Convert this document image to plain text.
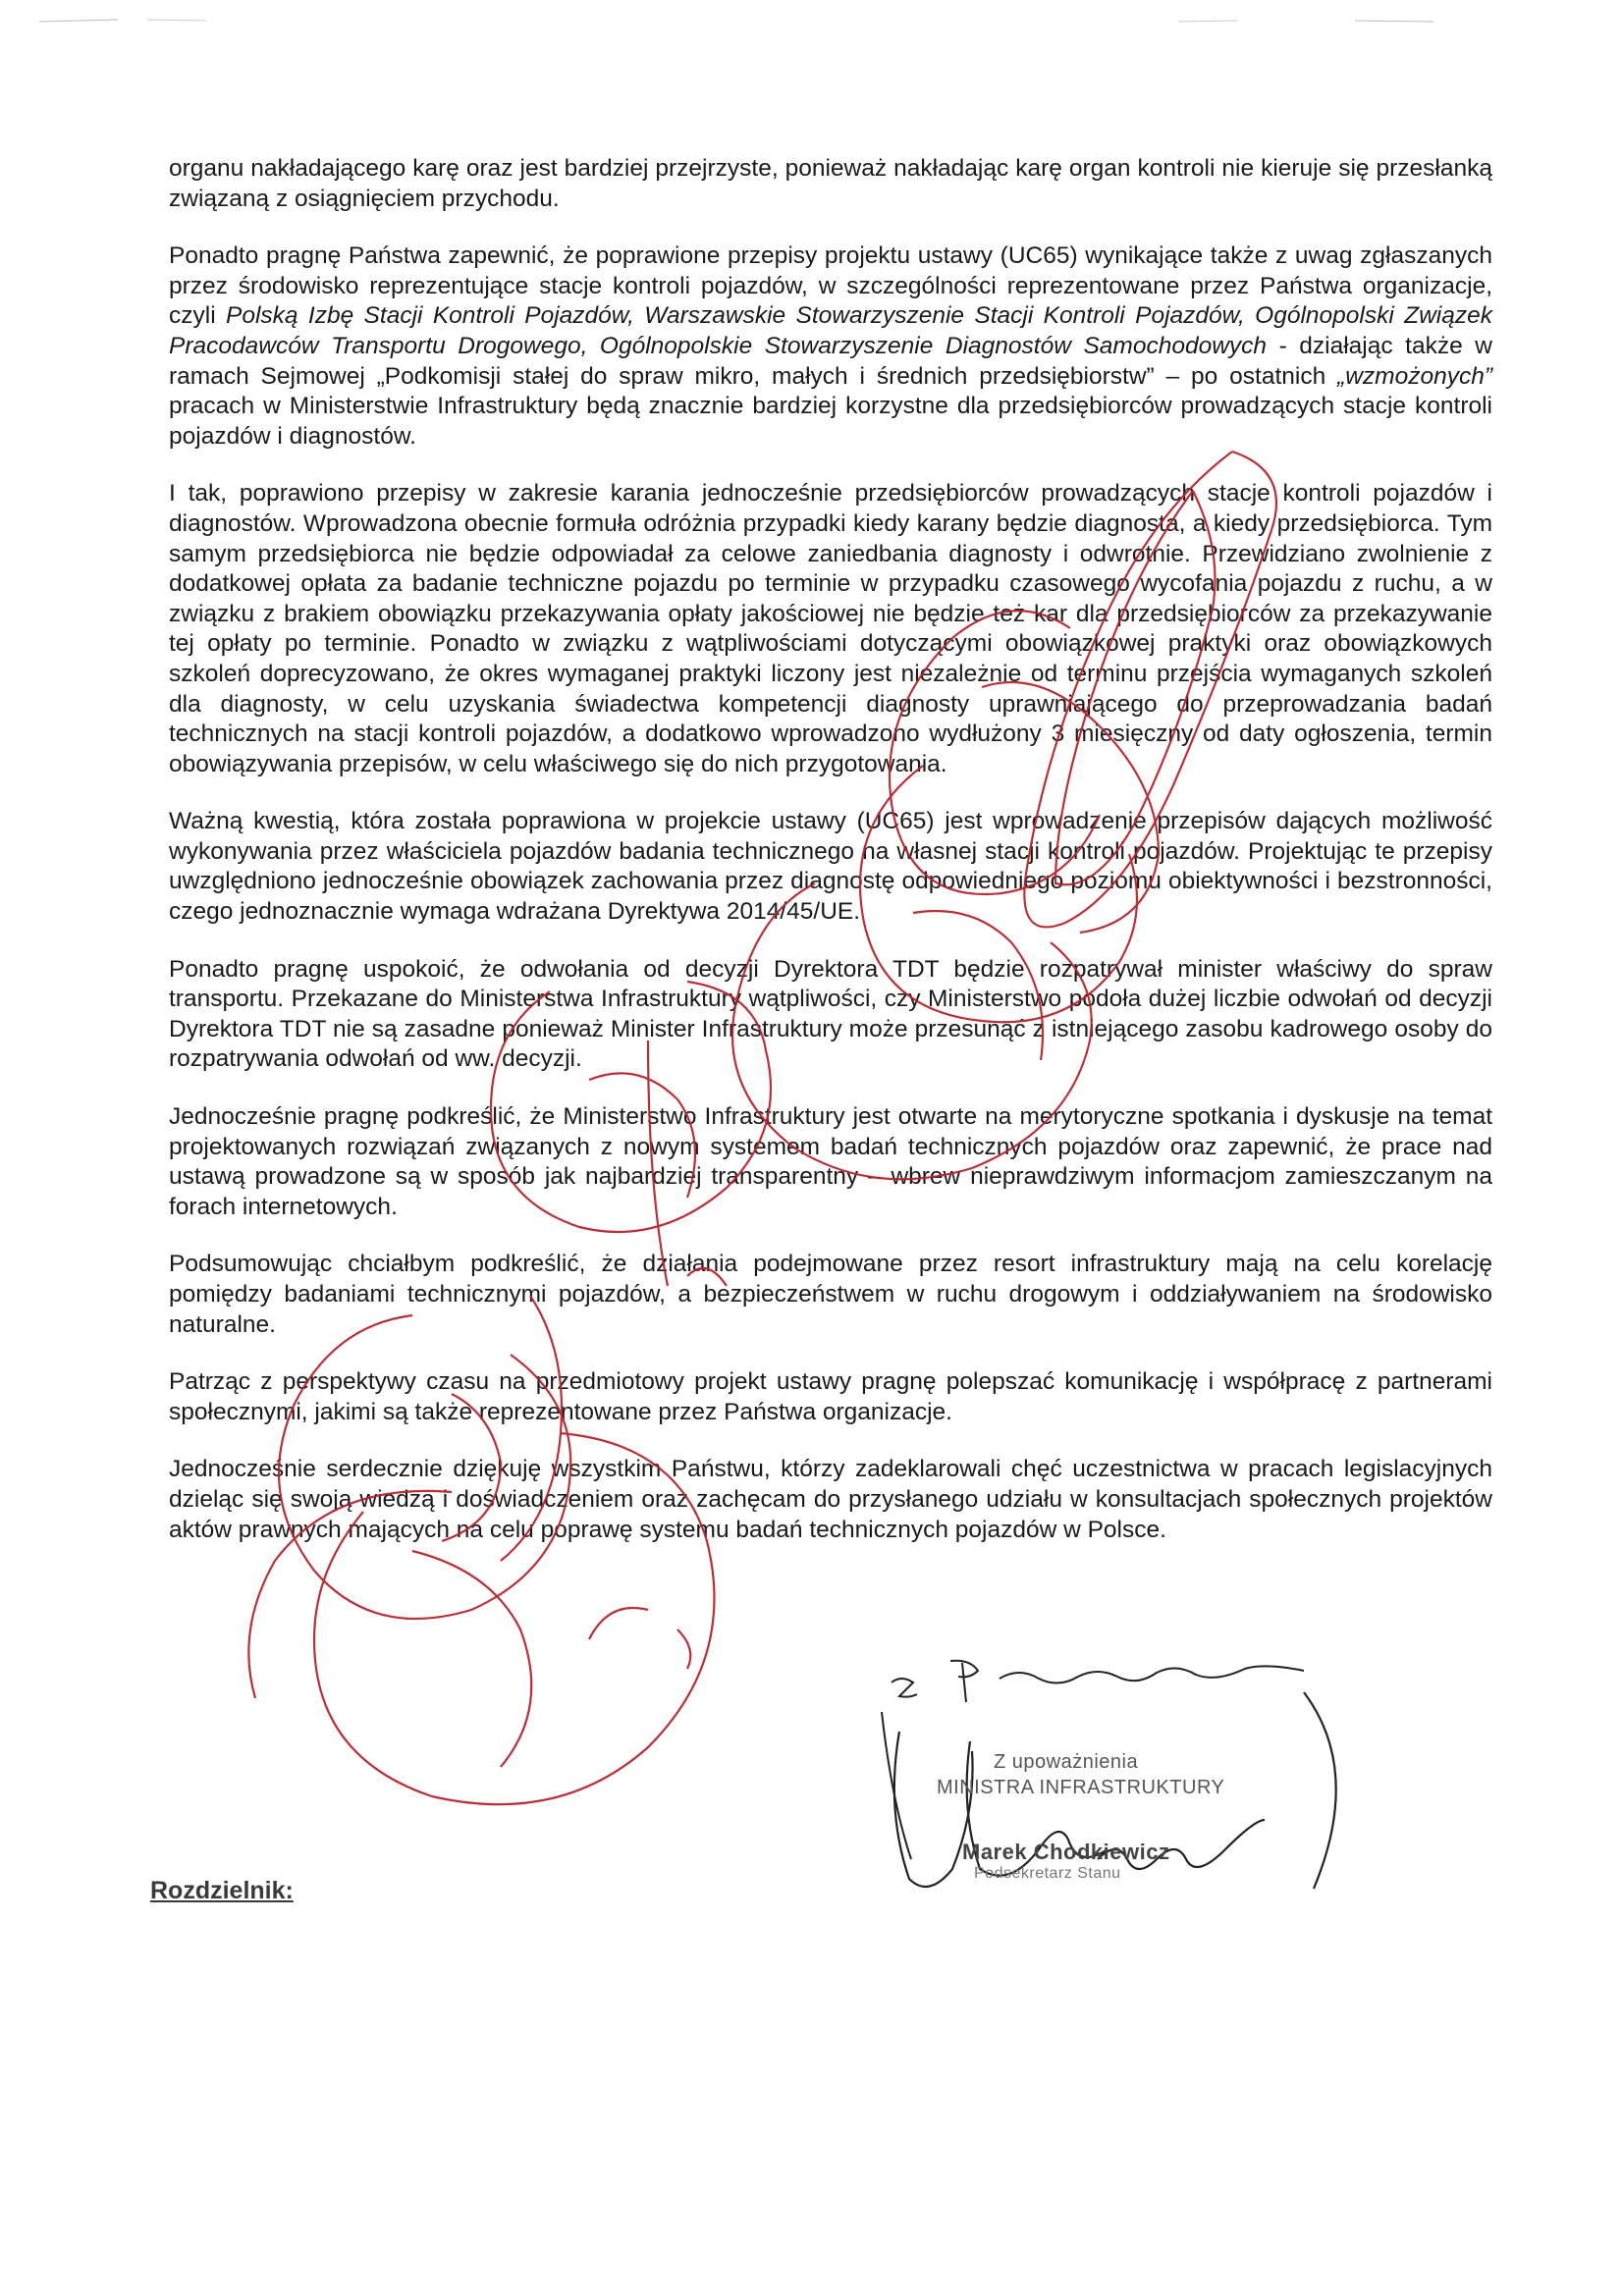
organu nakładającego karę oraz jest bardziej przejrzyste, ponieważ nakładając karę organ kontroli nie kieruje się przesłanką związaną z osiągnięciem przychodu.

Ponadto pragnę Państwa zapewnić, że poprawione przepisy projektu ustawy (UC65) wynikające także z uwag zgłaszanych przez środowisko reprezentujące stacje kontroli pojazdów, w szczególności reprezentowane przez Państwa organizacje, czyli Polską Izbę Stacji Kontroli Pojazdów, Warszawskie Stowarzyszenie Stacji Kontroli Pojazdów, Ogólnopolski Związek Pracodawców Transportu Drogowego, Ogólnopolskie Stowarzyszenie Diagnostów Samochodowych - działając także w ramach Sejmowej „Podkomisji stałej do spraw mikro, małych i średnich przedsiębiorstw” – po ostatnich „wzmożonych” pracach w Ministerstwie Infrastruktury będą znacznie bardziej korzystne dla przedsiębiorców prowadzących stacje kontroli pojazdów i diagnostów.

I tak, poprawiono przepisy w zakresie karania jednocześnie przedsiębiorców prowadzących stacje kontroli pojazdów i diagnostów. Wprowadzona obecnie formuła odróżnia przypadki kiedy karany będzie diagnosta, a kiedy przedsiębiorca. Tym samym przedsiębiorca nie będzie odpowiadał za celowe zaniedbania diagnosty i odwrotnie. Przewidziano zwolnienie z dodatkowej opłata za badanie techniczne pojazdu po terminie w przypadku czasowego wycofania pojazdu z ruchu, a w związku z brakiem obowiązku przekazywania opłaty jakościowej nie będzie też kar dla przedsiębiorców za przekazywanie tej opłaty po terminie. Ponadto w związku z wątpliwościami dotyczącymi obowiązkowej praktyki oraz obowiązkowych szkoleń doprecyzowano, że okres wymaganej praktyki liczony jest niezależnie od terminu przejścia wymaganych szkoleń dla diagnosty, w celu uzyskania świadectwa kompetencji diagnosty uprawniającego do przeprowadzania badań technicznych na stacji kontroli pojazdów, a dodatkowo wprowadzono wydłużony 3 miesięczny od daty ogłoszenia, termin obowiązywania przepisów, w celu właściwego się do nich przygotowania.

Ważną kwestią, która została poprawiona w projekcie ustawy (UC65) jest wprowadzenie przepisów dających możliwość wykonywania przez właściciela pojazdów badania technicznego na własnej stacji kontroli pojazdów. Projektując te przepisy uwzględniono jednocześnie obowiązek zachowania przez diagnostę odpowiedniego poziomu obiektywności i bezstronności, czego jednoznacznie wymaga wdrażana Dyrektywa 2014/45/UE.

Ponadto pragnę uspokoić, że odwołania od decyzji Dyrektora TDT będzie rozpatrywał minister właściwy do spraw transportu. Przekazane do Ministerstwa Infrastruktury wątpliwości, czy Ministerstwo podoła dużej liczbie odwołań od decyzji Dyrektora TDT nie są zasadne ponieważ Minister Infrastruktury może przesunąć z istniejącego zasobu kadrowego osoby do rozpatrywania odwołań od ww. decyzji.

Jednocześnie pragnę podkreślić, że Ministerstwo Infrastruktury jest otwarte na merytoryczne spotkania i dyskusje na temat projektowanych rozwiązań związanych z nowym systemem badań technicznych pojazdów oraz zapewnić, że prace nad ustawą prowadzone są w sposób jak najbardziej transparentny – wbrew nieprawdziwym informacjom zamieszczanym na forach internetowych.

Podsumowując chciałbym podkreślić, że działania podejmowane przez resort infrastruktury mają na celu korelację pomiędzy badaniami technicznymi pojazdów, a bezpieczeństwem w ruchu drogowym i oddziaływaniem na środowisko naturalne.

Patrząc z perspektywy czasu na przedmiotowy projekt ustawy pragnę polepszać komunikację i współpracę z partnerami społecznymi, jakimi są także reprezentowane przez Państwa organizacje.

Jednocześnie serdecznie dziękuję wszystkim Państwu, którzy zadeklarowali chęć uczestnictwa w pracach legislacyjnych dzieląc się swoją wiedzą i doświadczeniem oraz zachęcam do przysłanego udziału w konsultacjach społecznych projektów aktów prawnych mających na celu poprawę systemu badań technicznych pojazdów w Polsce.

Z upoważnienia
MINISTRA INFRASTRUKTURY
Marek Chodkiewicz
Podsekretarz Stanu
Rozdzielnik:
